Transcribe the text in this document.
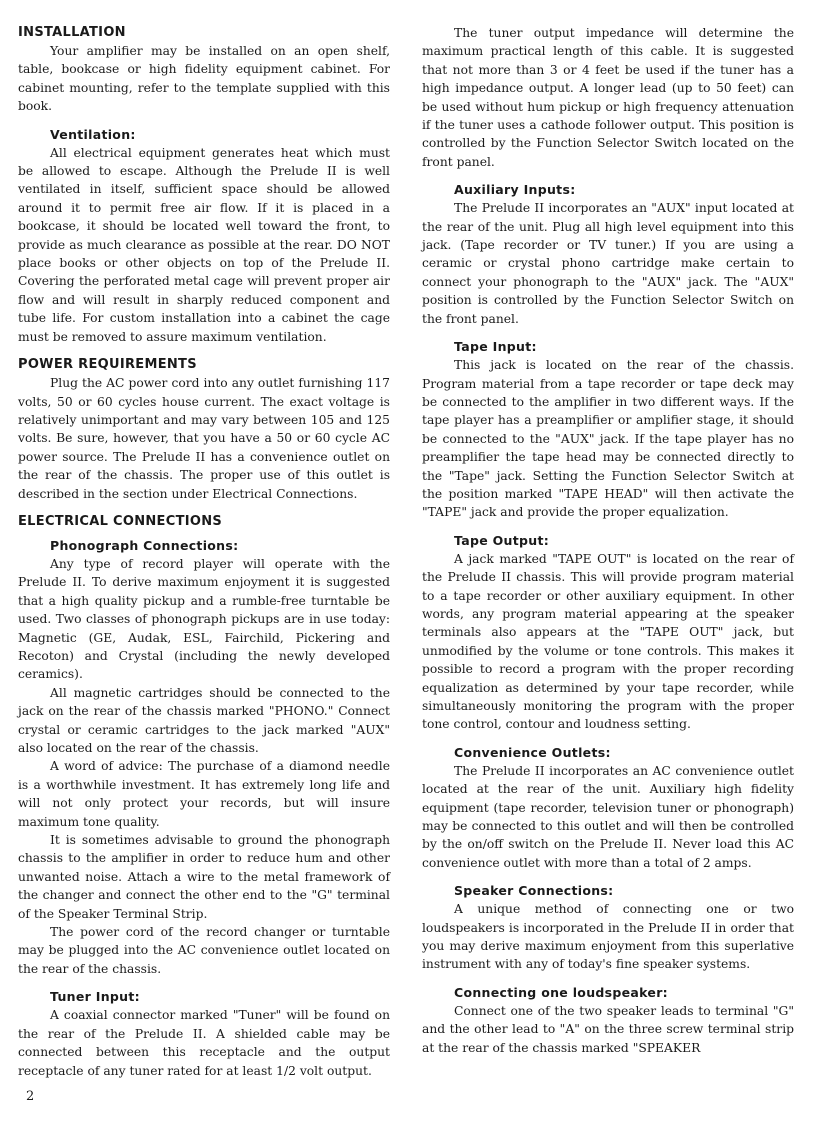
INSTALLATION

Your amplifier may be installed on an open shelf, table, bookcase or high fidelity equipment cabinet. For cabinet mounting, refer to the template supplied with this book.

Ventilation:

All electrical equipment generates heat which must be allowed to escape. Although the Prelude II is well ventilated in itself, sufficient space should be allowed around it to permit free air flow. If it is placed in a bookcase, it should be located well toward the front, to provide as much clearance as possible at the rear. DO NOT place books or other objects on top of the Prelude II. Covering the perforated metal cage will prevent proper air flow and will result in sharply reduced component and tube life. For custom installation into a cabinet the cage must be removed to assure maximum ventilation.

POWER REQUIREMENTS

Plug the AC power cord into any outlet furnishing 117 volts, 50 or 60 cycles house current. The exact voltage is relatively unimportant and may vary between 105 and 125 volts. Be sure, however, that you have a 50 or 60 cycle AC power source. The Prelude II has a convenience outlet on the rear of the chassis. The proper use of this outlet is described in the section under Electrical Connections.

ELECTRICAL CONNECTIONS
Phonograph Connections:

Any type of record player will operate with the Prelude II. To derive maximum enjoyment it is suggested that a high quality pickup and a rumble-free turntable be used. Two classes of phonograph pickups are in use today: Magnetic (GE, Audak, ESL, Fairchild, Pickering and Recoton) and Crystal (including the newly developed ceramics).

All magnetic cartridges should be connected to the jack on the rear of the chassis marked "PHONO." Connect crystal or ceramic cartridges to the jack marked "AUX" also located on the rear of the chassis.

A word of advice: The purchase of a diamond needle is a worthwhile investment. It has extremely long life and will not only protect your records, but will insure maximum tone quality.

It is sometimes advisable to ground the phonograph chassis to the amplifier in order to reduce hum and other unwanted noise. Attach a wire to the metal framework of the changer and connect the other end to the "G" terminal of the Speaker Terminal Strip.

The power cord of the record changer or turntable may be plugged into the AC convenience outlet located on the rear of the chassis.

Tuner Input:

A coaxial connector marked "Tuner" will be found on the rear of the Prelude II. A shielded cable may be connected between this receptacle and the output receptacle of any tuner rated for at least 1/2 volt output.

The tuner output impedance will determine the maximum practical length of this cable. It is suggested that not more than 3 or 4 feet be used if the tuner has a high impedance output. A longer lead (up to 50 feet) can be used without hum pickup or high frequency attenuation if the tuner uses a cathode follower output. This position is controlled by the Function Selector Switch located on the front panel.

Auxiliary Inputs:

The Prelude II incorporates an "AUX" input located at the rear of the unit. Plug all high level equipment into this jack. (Tape recorder or TV tuner.) If you are using a ceramic or crystal phono cartridge make certain to connect your phonograph to the "AUX" jack. The "AUX" position is controlled by the Function Selector Switch on the front panel.

Tape Input:

This jack is located on the rear of the chassis. Program material from a tape recorder or tape deck may be connected to the amplifier in two different ways. If the tape player has a preamplifier or amplifier stage, it should be connected to the "AUX" jack. If the tape player has no preamplifier the tape head may be connected directly to the "Tape" jack. Setting the Function Selector Switch at the position marked "TAPE HEAD" will then activate the "TAPE" jack and provide the proper equalization.

Tape Output:

A jack marked "TAPE OUT" is located on the rear of the Prelude II chassis. This will provide program material to a tape recorder or other auxiliary equipment. In other words, any program material appearing at the speaker terminals also appears at the "TAPE OUT" jack, but unmodified by the volume or tone controls. This makes it possible to record a program with the proper recording equalization as determined by your tape recorder, while simultaneously monitoring the program with the proper tone control, contour and loudness setting.

Convenience Outlets:

The Prelude II incorporates an AC convenience outlet located at the rear of the unit. Auxiliary high fidelity equipment (tape recorder, television tuner or phonograph) may be connected to this outlet and will then be controlled by the on/off switch on the Prelude II. Never load this AC convenience outlet with more than a total of 2 amps.

Speaker Connections:

A unique method of connecting one or two loudspeakers is incorporated in the Prelude II in order that you may derive maximum enjoyment from this superlative instrument with any of today's fine speaker systems.

Connecting one loudspeaker:

Connect one of the two speaker leads to terminal "G" and the other lead to "A" on the three screw terminal strip at the rear of the chassis marked "SPEAKER

2
